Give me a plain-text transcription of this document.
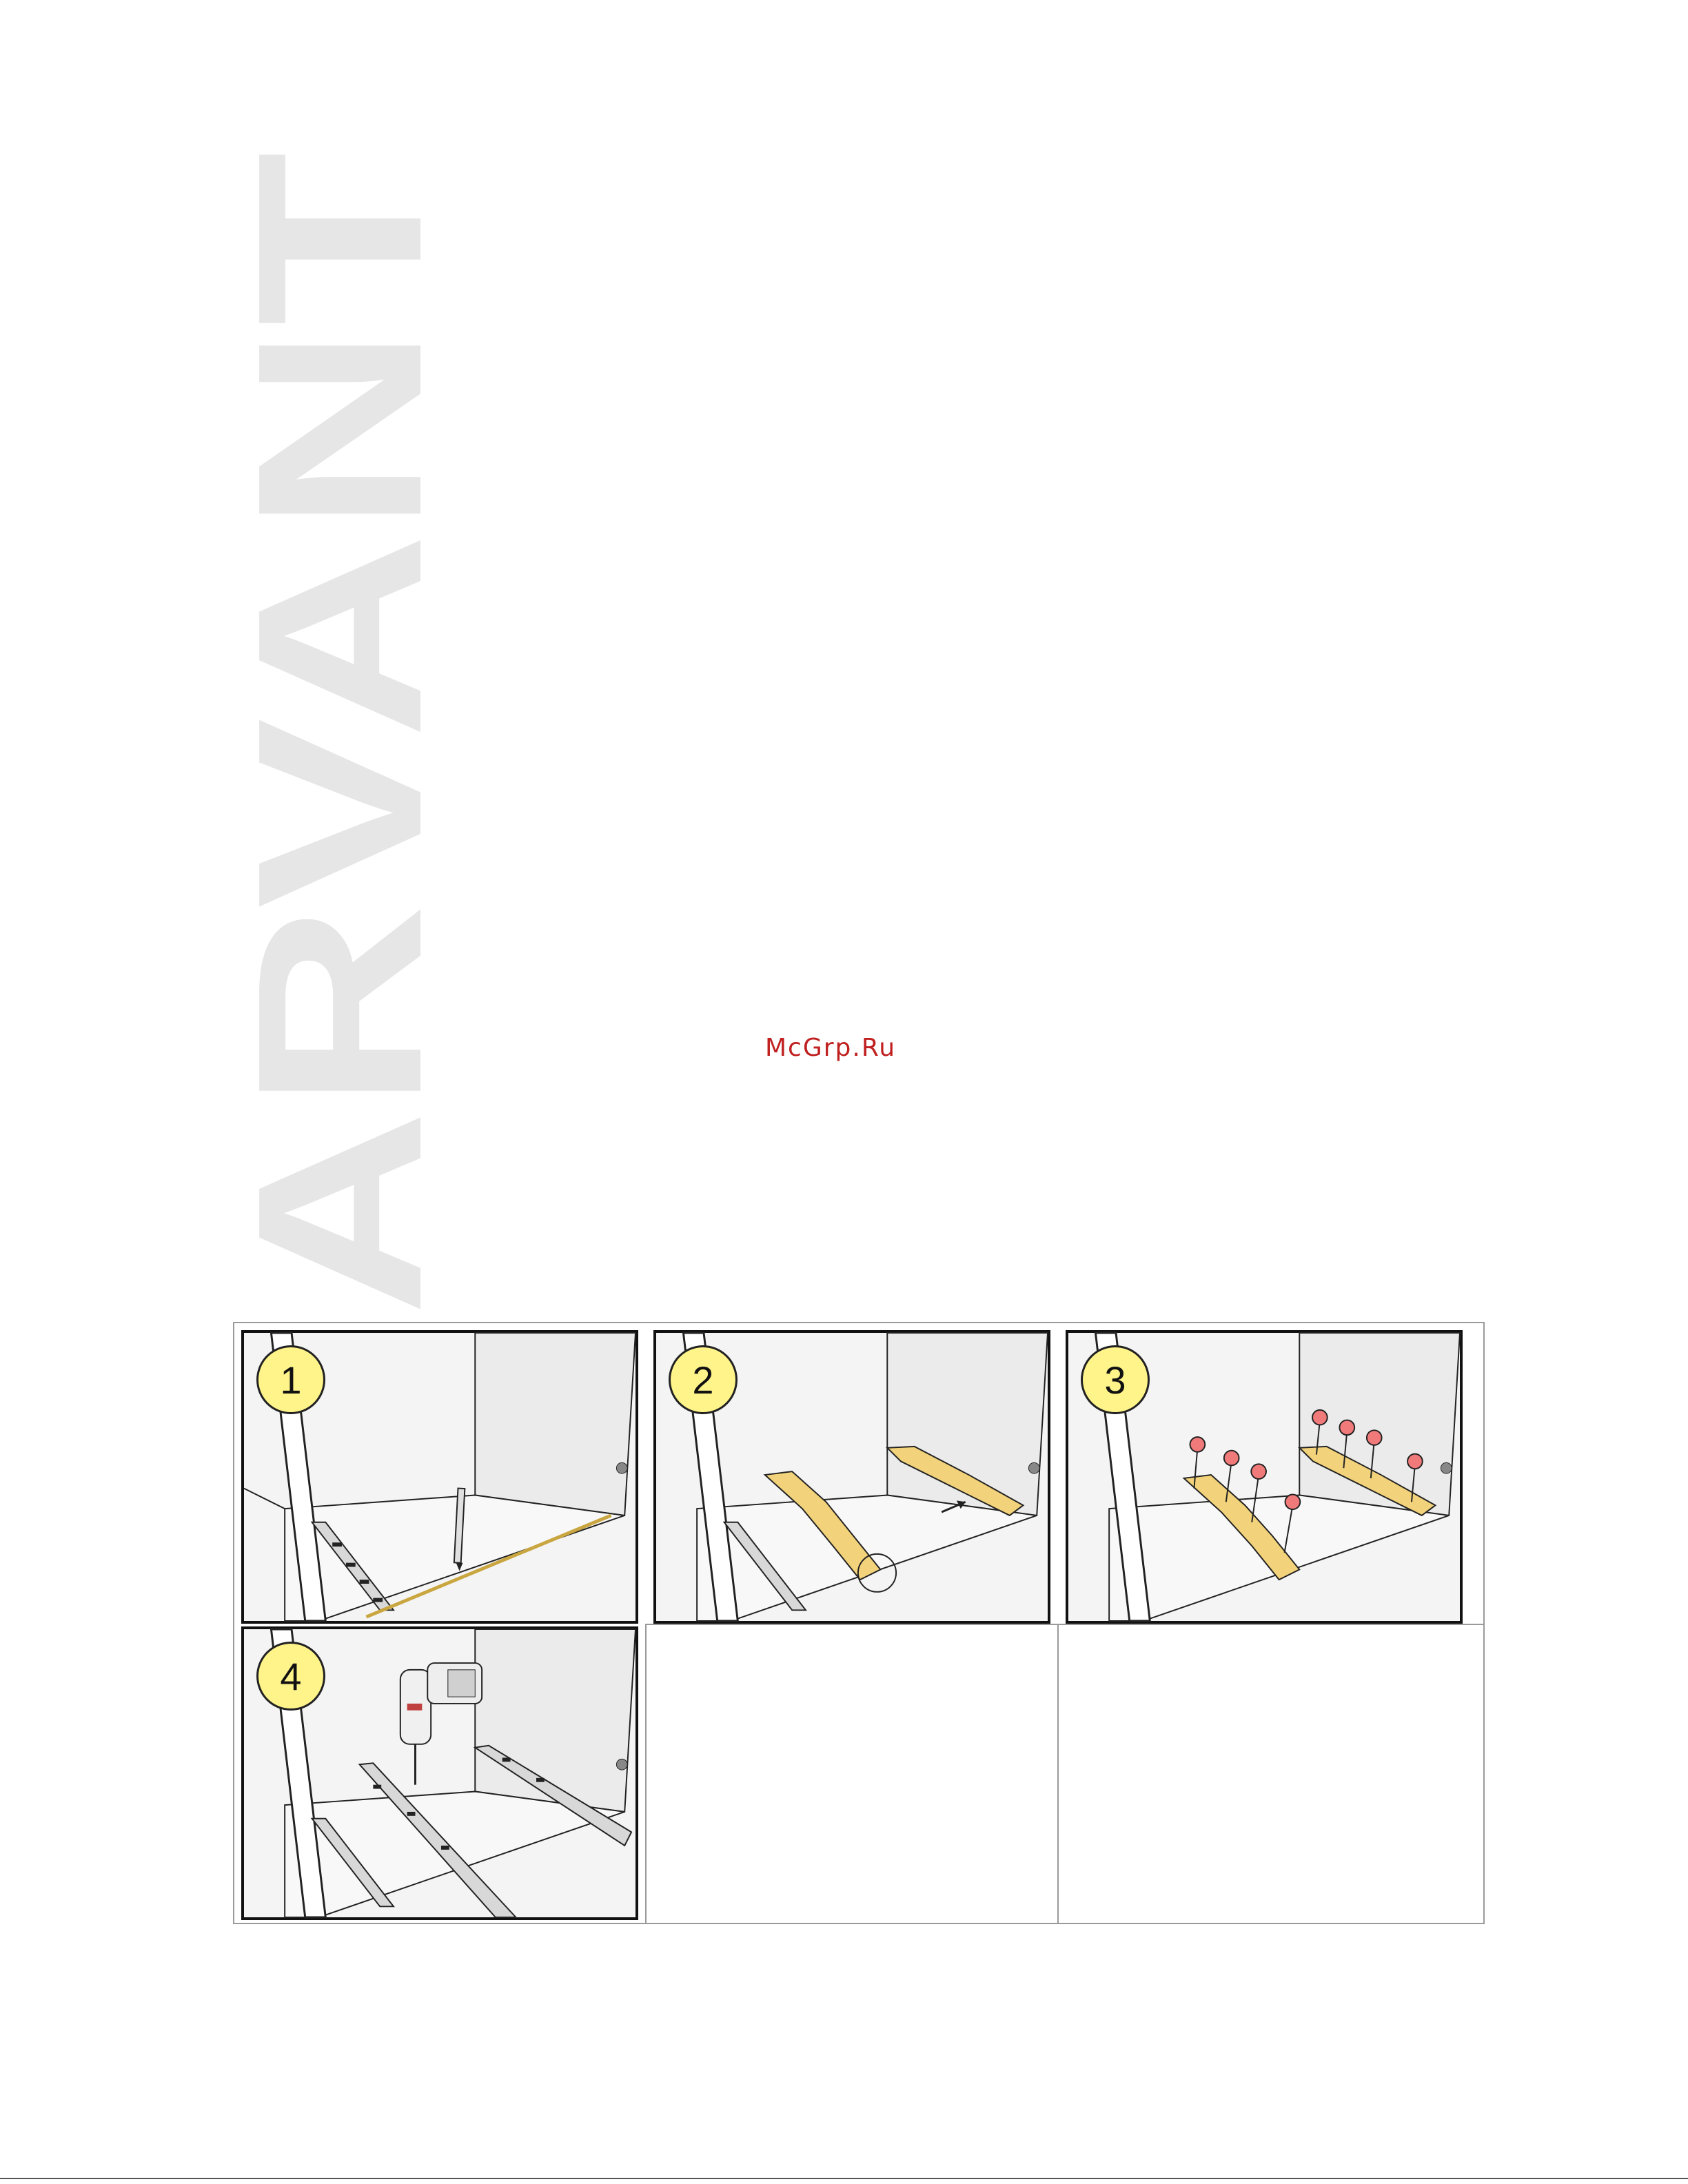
ARVANT	McGrp.Ru
1	2	3
4
